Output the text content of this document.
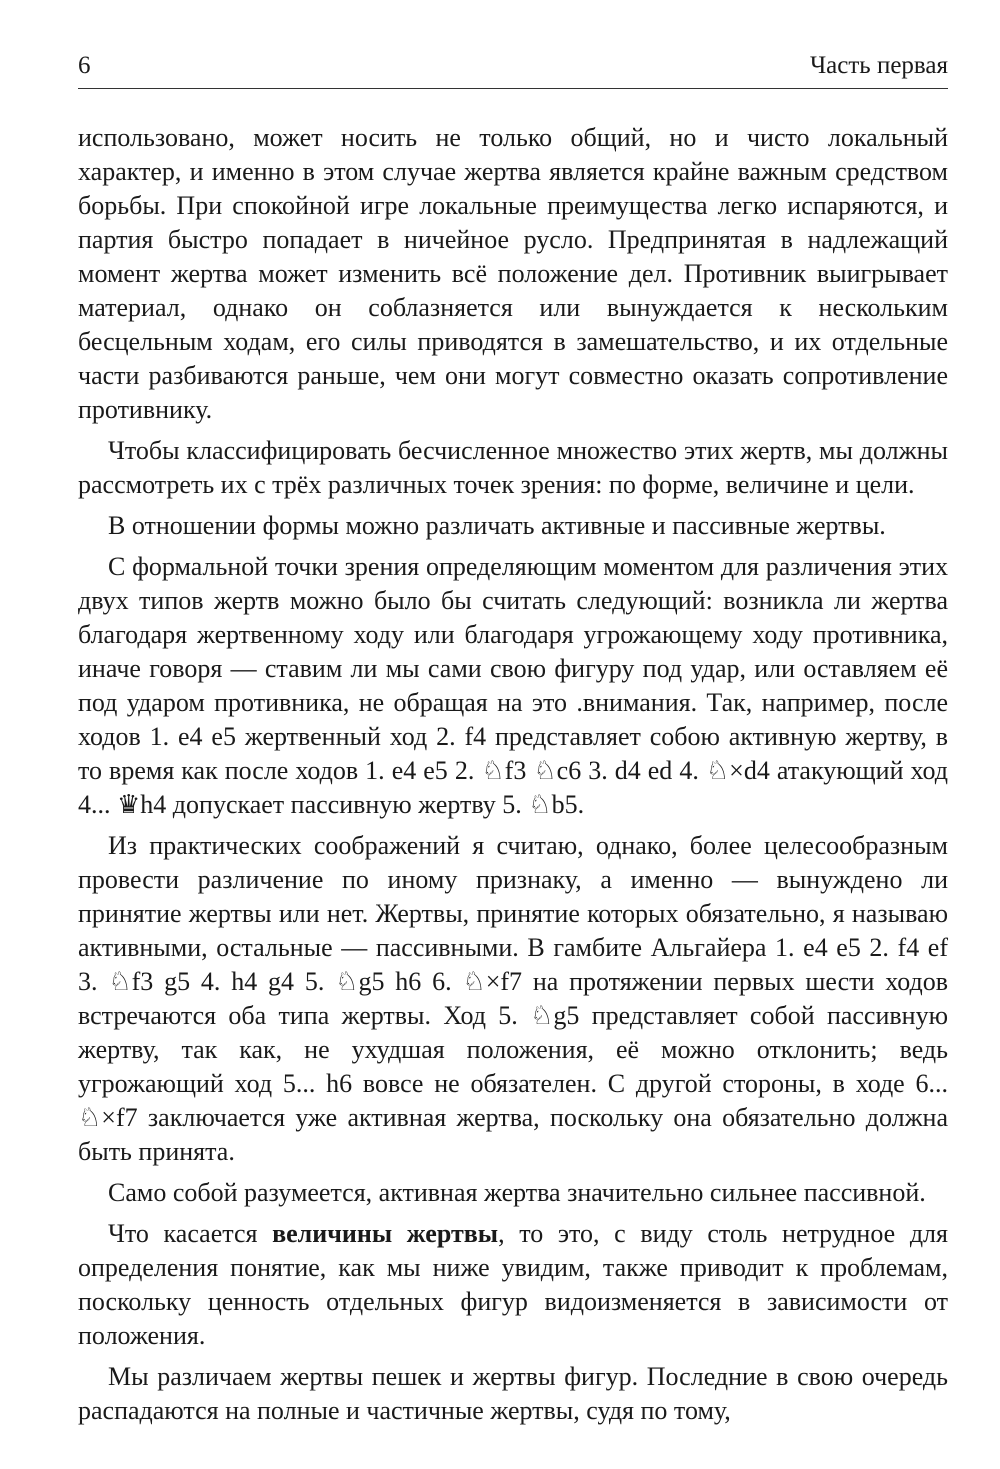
6	Часть первая

использовано, может носить не только общий, но и чисто локальный характер, и именно в этом случае жертва является крайне важным средством борьбы. При спокойной игре локальные преимущества легко испаряются, и партия быстро попадает в ничейное русло. Предпринятая в надлежащий момент жертва может изменить всё положение дел. Противник выигрывает материал, однако он соблазняется или вынуждается к нескольким бесцельным ходам, его силы приводятся в замешательство, и их отдельные части разбиваются раньше, чем они могут совместно оказать сопротивление противнику.

Чтобы классифицировать бесчисленное множество этих жертв, мы должны рассмотреть их с трёх различных точек зрения: по форме, величине и цели.

В отношении формы можно различать активные и пассивные жертвы.

С формальной точки зрения определяющим моментом для различения этих двух типов жертв можно было бы считать следующий: возникла ли жертва благодаря жертвенному ходу или благодаря угрожающему ходу противника, иначе говоря — ставим ли мы сами свою фигуру под удар, или оставляем её под ударом противника, не обращая на это .внимания. Так, например, после ходов 1. e4 e5 жертвенный ход 2. f4 представляет собою активную жертву, в то время как после ходов 1. e4 e5 2. ♘f3 ♘c6 3. d4 ed 4. ♘×d4 атакующий ход 4... ♛h4 допускает пассивную жертву 5. ♘b5.

Из практических соображений я считаю, однако, более целесообразным провести различение по иному признаку, а именно — вынуждено ли принятие жертвы или нет. Жертвы, принятие которых обязательно, я называю активными, остальные — пассивными. В гамбите Альгайера 1. e4 e5 2. f4 ef 3. ♘f3 g5 4. h4 g4 5. ♘g5 h6 6. ♘×f7 на протяжении первых шести ходов встречаются оба типа жертвы. Ход 5. ♘g5 представляет собой пассивную жертву, так как, не ухудшая положения, её можно отклонить; ведь угрожающий ход 5... h6 вовсе не обязателен. С другой стороны, в ходе 6... ♘×f7 заключается уже активная жертва, поскольку она обязательно должна быть принята.

Само собой разумеется, активная жертва значительно сильнее пассивной.

Что касается величины жертвы, то это, с виду столь нетрудное для определения понятие, как мы ниже увидим, также приводит к проблемам, поскольку ценность отдельных фигур видоизменяется в зависимости от положения.

Мы различаем жертвы пешек и жертвы фигур. Последние в свою очередь распадаются на полные и частичные жертвы, судя по тому,
